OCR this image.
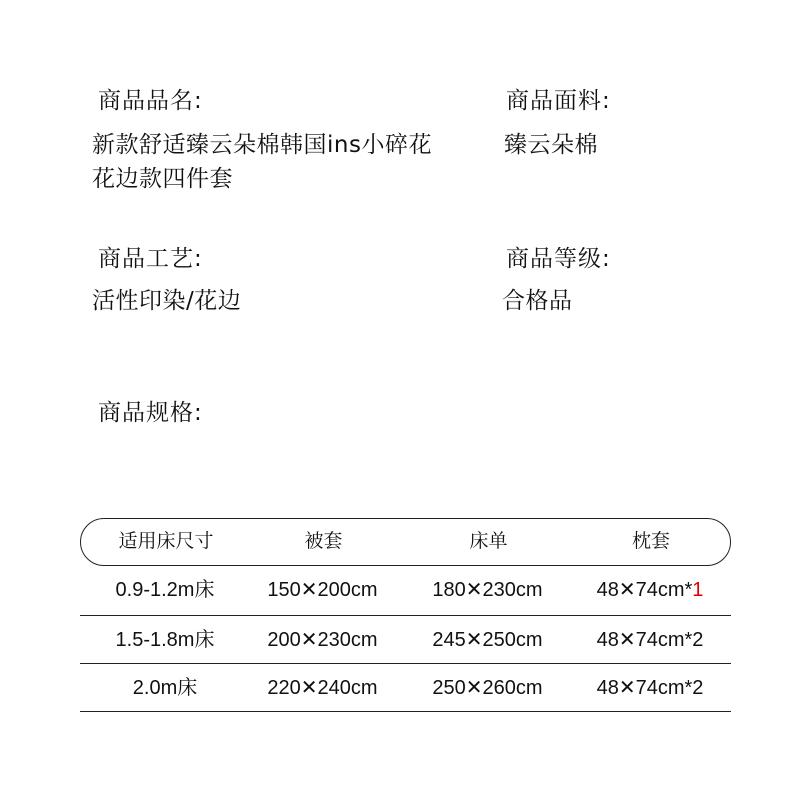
商品品名:
新款舒适臻云朵棉韩国ins小碎花
花边款四件套
商品面料:
臻云朵棉
商品工艺:
活性印染/花边
商品等级:
合格品
商品规格:
适用床尺寸	被套	床单	枕套
0.9-1.2m床	150✕200cm	180✕230cm	48✕74cm*1
1.5-1.8m床	200✕230cm	245✕250cm	48✕74cm*2
2.0m床	220✕240cm	250✕260cm	48✕74cm*2
